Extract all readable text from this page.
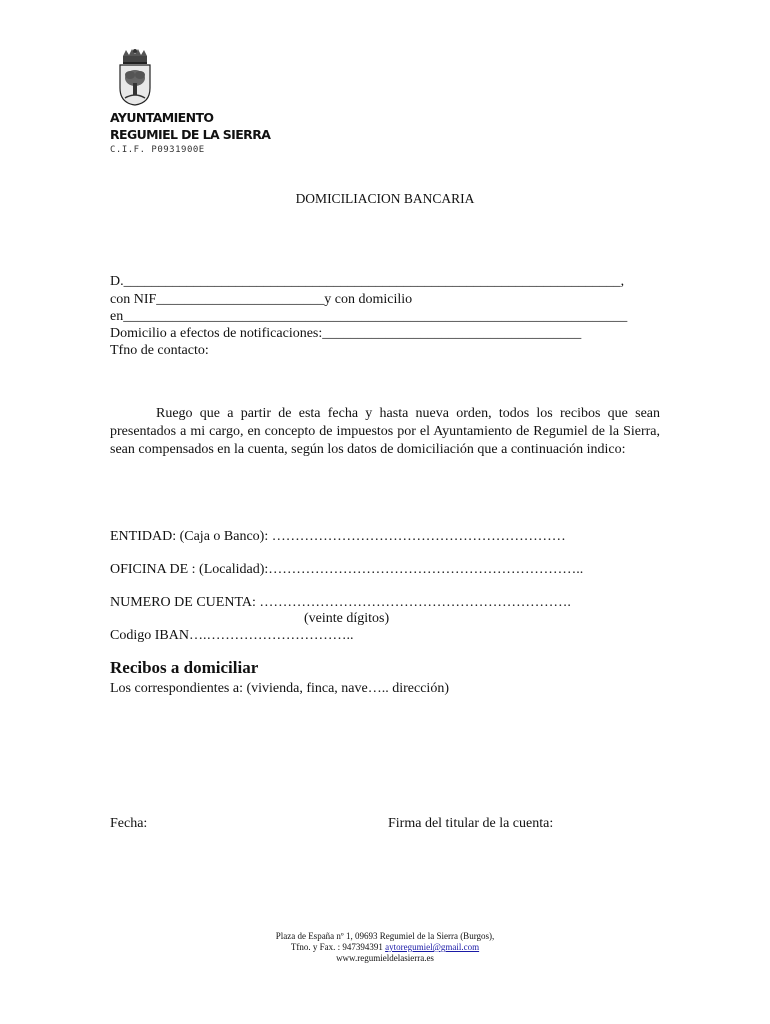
AYUNTAMIENTO
REGUMIEL DE LA SIERRA
C.I.F. P0931900E
DOMICILIACION BANCARIA
D._______________________________________________________________________,
con NIF________________________y con domicilio
en________________________________________________________________________
Domicilio a efectos de notificaciones:_____________________________________
Tfno de contacto:
Ruego que a partir de esta fecha y hasta nueva orden, todos los recibos que sean presentados a mi cargo, en concepto de impuestos por el Ayuntamiento de Regumiel de la Sierra, sean compensados en la cuenta, según los datos de domiciliación que a continuación indico:
ENTIDAD: (Caja o Banco): ………………………………………………………
OFICINA DE : (Localidad):…………………………………………………………..
NUMERO DE CUENTA: ………………………………………………………….
(veinte dígitos)
Codigo IBAN….…………………………..
Recibos a domiciliar
Los correspondientes a: (vivienda, finca, nave….. dirección)
Fecha:	Firma del titular de la cuenta:
Plaza de España nº 1, 09693 Regumiel de la Sierra (Burgos),
Tfno. y Fax. : 947394391 aytoregumiel@gmail.com
www.regumieldelasierra.es
